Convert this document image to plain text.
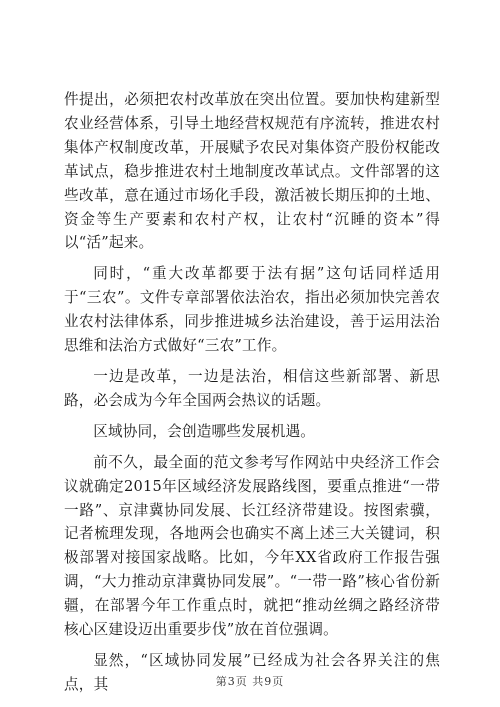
件提出，必须把农村改革放在突出位置。要加快构建新型农业经营体系，引导土地经营权规范有序流转，推进农村集体产权制度改革，开展赋予农民对集体资产股份权能改革试点，稳步推进农村土地制度改革试点。文件部署的这些改革，意在通过市场化手段，激活被长期压抑的土地、资金等生产要素和农村产权，让农村“沉睡的资本”得以“活”起来。

同时，“重大改革都要于法有据”这句话同样适用于“三农”。文件专章部署依法治农，指出必须加快完善农业农村法律体系，同步推进城乡法治建设，善于运用法治思维和法治方式做好“三农”工作。

一边是改革，一边是法治，相信这些新部署、新思路，必会成为今年全国两会热议的话题。

区域协同，会创造哪些发展机遇。

前不久，最全面的范文参考写作网站中央经济工作会议就确定2015年区域经济发展路线图，要重点推进“一带一路”、京津冀协同发展、长江经济带建设。按图索骥，记者梳理发现，各地两会也确实不离上述三大关键词，积极部署对接国家战略。比如，今年XX省政府工作报告强调，“大力推动京津冀协同发展”。“一带一路”核心省份新疆，在部署今年工作重点时，就把“推动丝绸之路经济带核心区建设迈出重要步伐”放在首位强调。

显然，“区域协同发展”已经成为社会各界关注的焦点，其	第3页 共9页
